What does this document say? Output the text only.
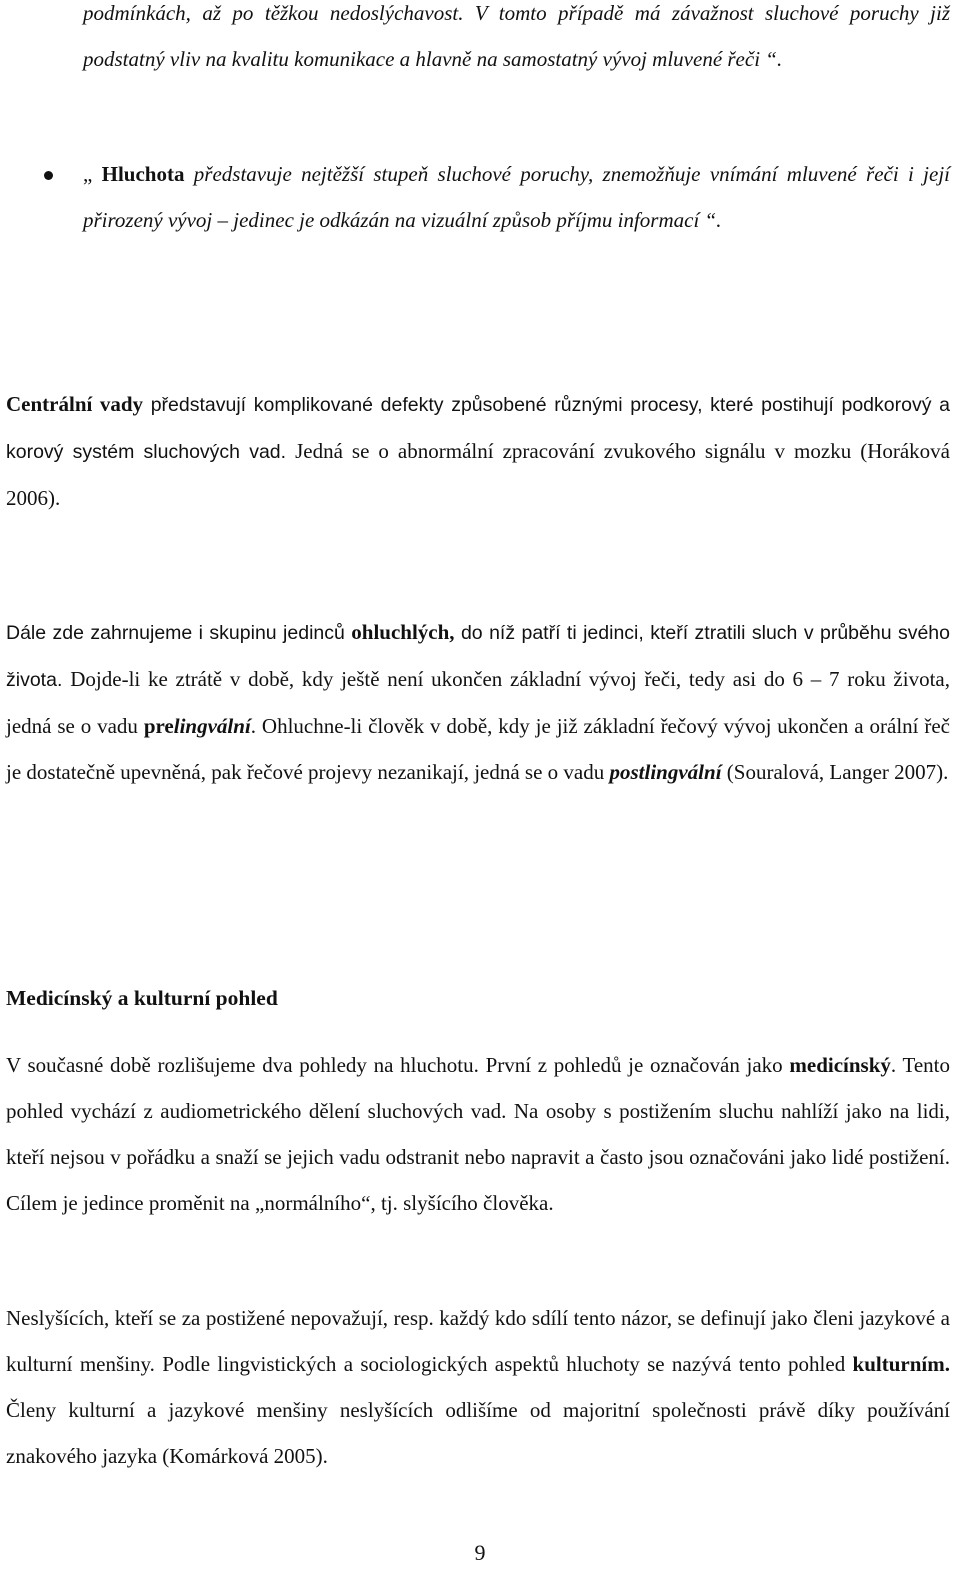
podmínkách, až po těžkou nedoslýchavost. V tomto případě má závažnost sluchové poruchy již podstatný vliv na kvalitu komunikace a hlavně na samostatný vývoj mluvené řeči “.
„ Hluchota představuje nejtěžší stupeň sluchové poruchy, znemožňuje vnímání mluvené řeči i její přirozený vývoj – jedinec je odkázán na vizuální způsob příjmu informací “.

Centrální vady představují komplikované defekty způsobené různými procesy, které postihují podkorový a korový systém sluchových vad. Jedná se o abnormální zpracování zvukového signálu v mozku (Horáková 2006).

Dále zde zahrnujeme i skupinu jedinců ohluchlých, do níž patří ti jedinci, kteří ztratili sluch v průběhu svého života. Dojde-li ke ztrátě v době, kdy ještě není ukončen základní vývoj řeči, tedy asi do 6 – 7 roku života, jedná se o vadu prelingvální. Ohluchne-li člověk v době, kdy je již základní řečový vývoj ukončen a orální řeč je dostatečně upevněná, pak řečové projevy nezanikají, jedná se o vadu postlingvální (Souralová, Langer 2007).

Medicínský a kulturní pohled

V současné době rozlišujeme dva pohledy na hluchotu. První z pohledů je označován jako medicínský. Tento pohled vychází z audiometrického dělení sluchových vad. Na osoby s postižením sluchu nahlíží jako na lidi, kteří nejsou v pořádku a snaží se jejich vadu odstranit nebo napravit a často jsou označováni jako lidé postižení. Cílem je jedince proměnit na „normálního“, tj. slyšícího člověka.

Neslyšících, kteří se za postižené nepovažují, resp. každý kdo sdílí tento názor, se definují jako členi jazykové a kulturní menšiny. Podle lingvistických a sociologických aspektů hluchoty se nazývá tento pohled kulturním. Členy kulturní a jazykové menšiny neslyšících odlišíme od majoritní společnosti právě díky používání znakového jazyka (Komárková 2005).

9
